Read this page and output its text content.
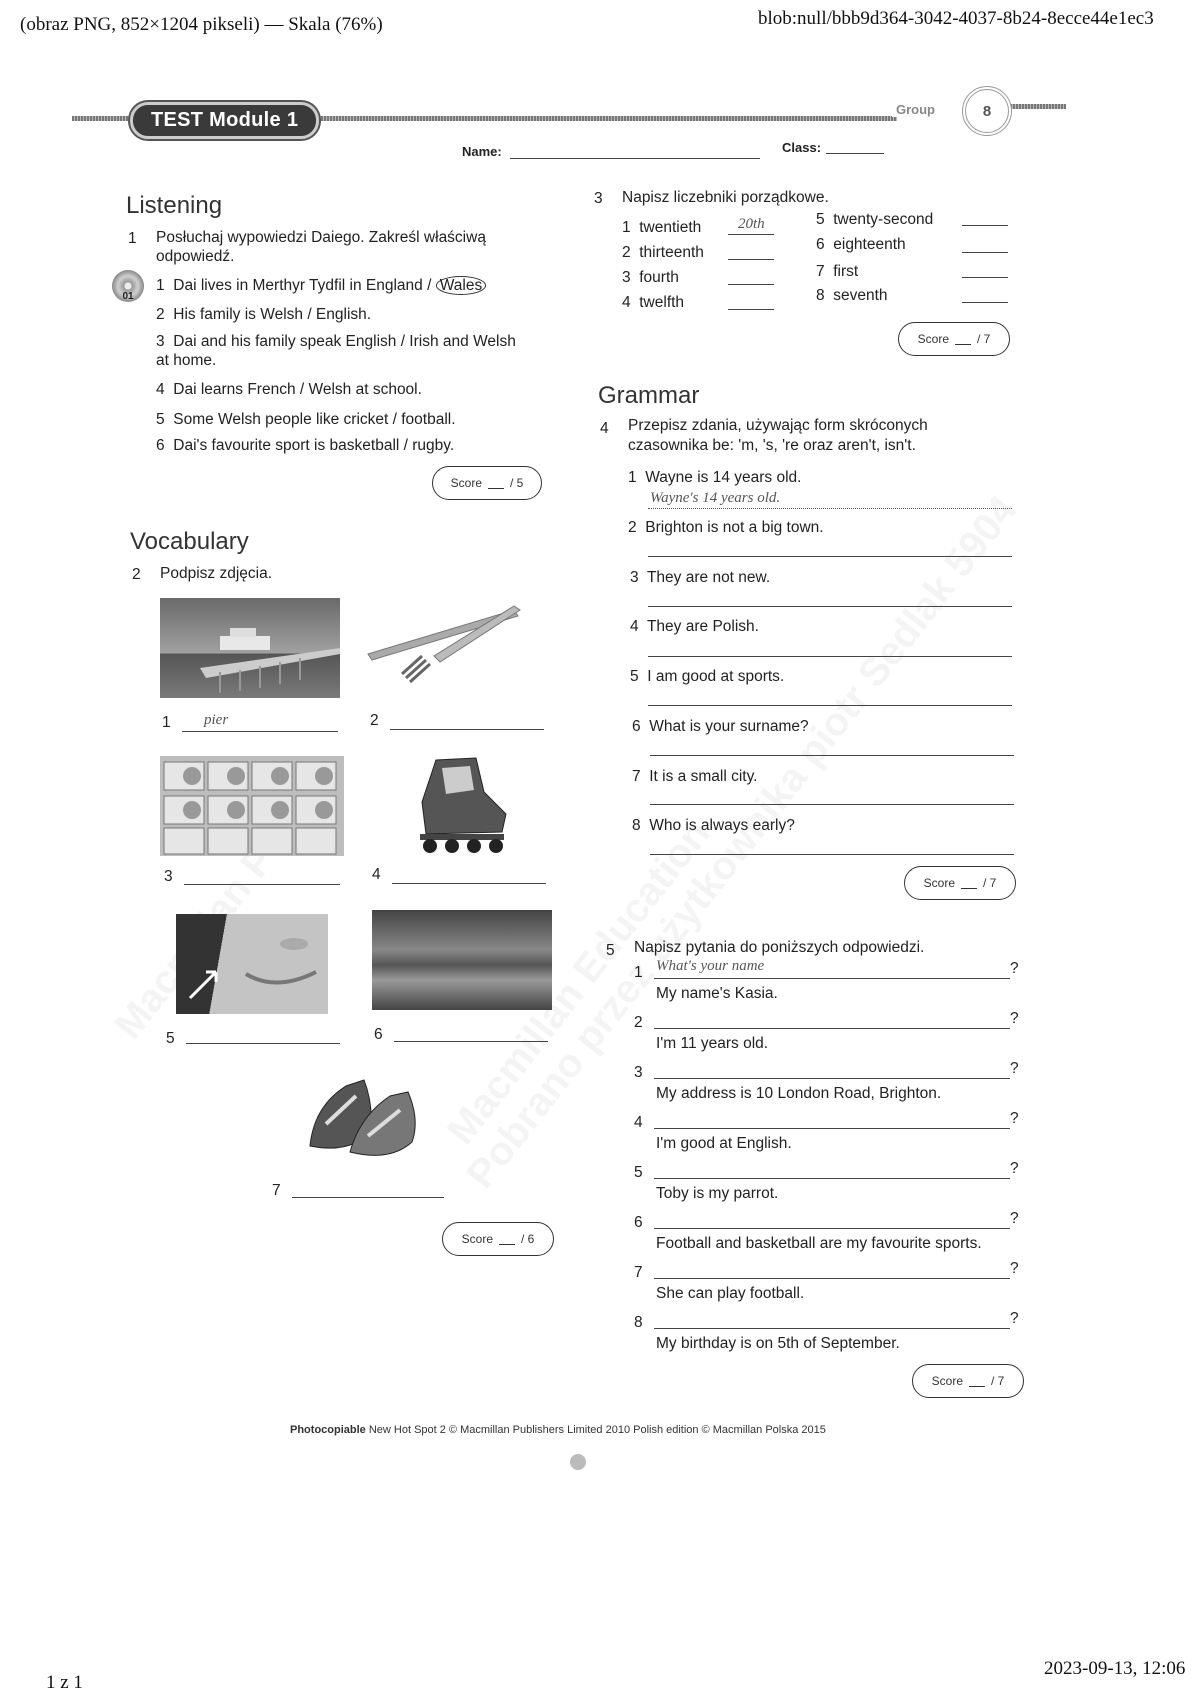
(obraz PNG, 852×1204 pikseli) — Skala (76%)	blob:null/bbb9d364-3042-4037-8b24-8ecce44e1ec3
1 z 1
2023-09-13, 12:06
TEST Module 1	Group	8
Name:	Class:
Listening
1 Posłuchaj wypowiedzi Daiego. Zakreśl właściwą odpowiedź.
01
1 Dai lives in Merthyr Tydfil in England / Wales
2 His family is Welsh / English.
3 Dai and his family speak English / Irish and Welsh at home.
4 Dai learns French / Welsh at school.
5 Some Welsh people like cricket / football.
6 Dai's favourite sport is basketball / rugby.
Score / 5
Vocabulary
2 Podpisz zdjęcia.
1 pier	2
3	4
5	6
7
Score / 6
3 Napisz liczebniki porządkowe.
1 twentieth 20th
2 thirteenth
3 fourth
4 twelfth
5 twenty-second
6 eighteenth
7 first
8 seventh
Score / 7
Grammar
4 Przepisz zdania, używając form skróconych
czasownika be: 'm, 's, 're oraz aren't, isn't.
1 Wayne is 14 years old.
Wayne's 14 years old.
2 Brighton is not a big town.
3 They are not new.
4 They are Polish.
5 I am good at sports.
6 What is your surname?
7 It is a small city.
8 Who is always early?
Score / 7
5 Napisz pytania do poniższych odpowiedzi.
1 What's your name	?
My name's Kasia.
2	?
I'm 11 years old.
3	?
My address is 10 London Road, Brighton.
4	?
I'm good at English.
5	?
Toby is my parrot.
6	?
Football and basketball are my favourite sports.
7	?
She can play football.
8	?
My birthday is on 5th of September.
Score / 7
Photocopiable New Hot Spot 2 © Macmillan Publishers Limited 2010 Polish edition © Macmillan Polska 2015
